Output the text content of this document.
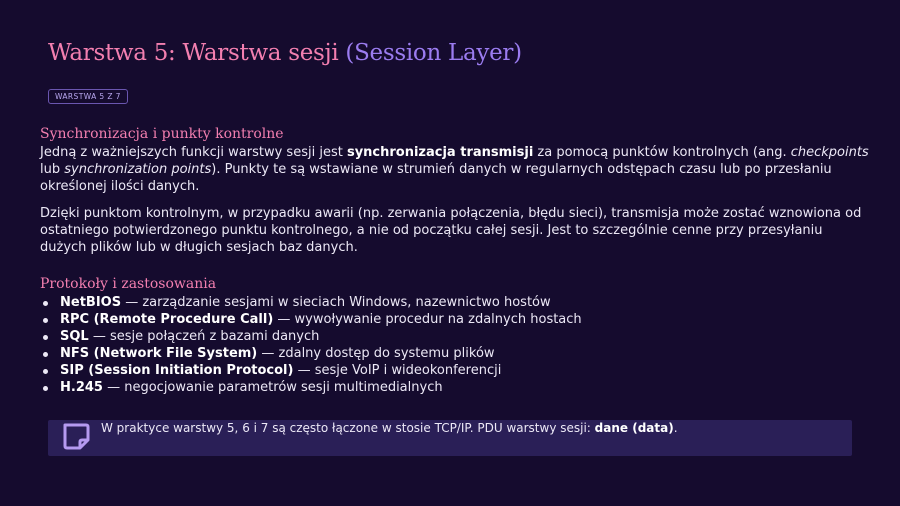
Warstwa 5: Warstwa sesji (Session Layer)
WARSTWA 5 Z 7
Synchronizacja i punkty kontrolne

Jedną z ważniejszych funkcji warstwy sesji jest synchronizacja transmisji za pomocą punktów kontrolnych (ang. checkpoints lub synchronization points). Punkty te są wstawiane w strumień danych w regularnych odstępach czasu lub po przesłaniu określonej ilości danych.

Dzięki punktom kontrolnym, w przypadku awarii (np. zerwania połączenia, błędu sieci), transmisja może zostać wznowiona od ostatniego potwierdzonego punktu kontrolnego, a nie od początku całej sesji. Jest to szczególnie cenne przy przesyłaniu dużych plików lub w długich sesjach baz danych.

Protokoły i zastosowania
NetBIOS — zarządzanie sesjami w sieciach Windows, nazewnictwo hostów
RPC (Remote Procedure Call) — wywoływanie procedur na zdalnych hostach
SQL — sesje połączeń z bazami danych
NFS (Network File System) — zdalny dostęp do systemu plików
SIP (Session Initiation Protocol) — sesje VoIP i wideokonferencji
H.245 — negocjowanie parametrów sesji multimedialnych
W praktyce warstwy 5, 6 i 7 są często łączone w stosie TCP/IP. PDU warstwy sesji: dane (data).
